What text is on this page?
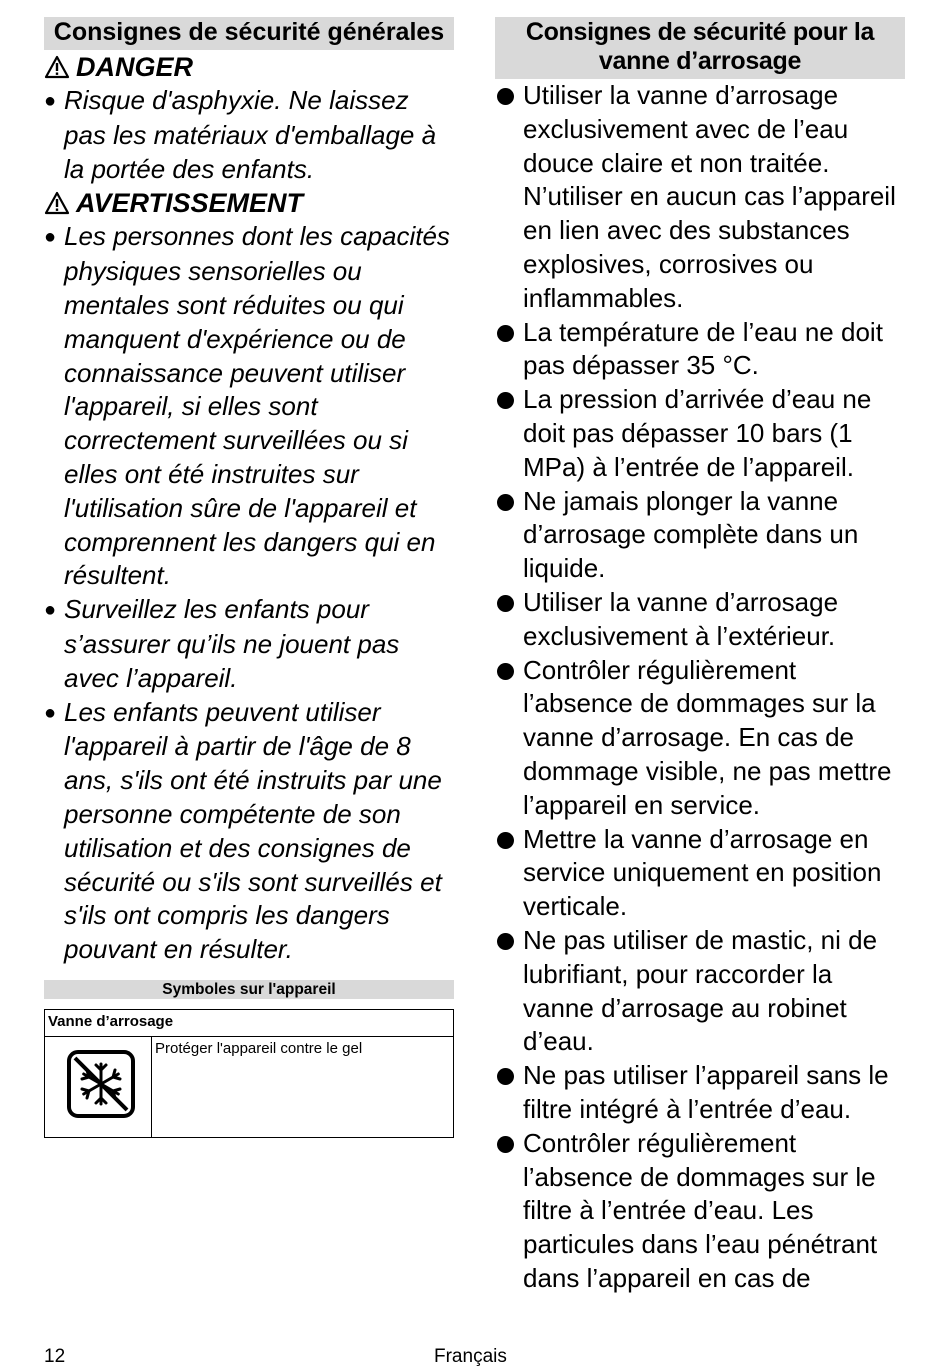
Consignes de sécurité générales
DANGER
● Risque d'asphyxie. Ne laissez pas les matériaux d'emballage à la portée des enfants.
AVERTISSEMENT
● Les personnes dont les capacités physiques sensorielles ou mentales sont réduites ou qui manquent d'expérience ou de connaissance peuvent utiliser l'appareil, si elles sont correctement surveillées ou si elles ont été instruites sur l'utilisation sûre de l'appareil et comprennent les dangers qui en résultent.
● Surveillez les enfants pour s’assurer qu’ils ne jouent pas avec l’appareil.
● Les enfants peuvent utiliser l'appareil à partir de l'âge de 8 ans, s'ils ont été instruits par une personne compétente de son utilisation et des consignes de sécurité ou s'ils sont surveillés et s'ils ont compris les dangers pouvant en résulter.
Symboles sur l'appareil
Vanne d’arrosage
	Protéger l'appareil contre le gel
Consignes de sécurité pour la vanne d’arrosage
Utiliser la vanne d’arrosage exclusivement avec de l’eau douce claire et non traitée. N’utiliser en aucun cas l’appareil en lien avec des substances explosives, corrosives ou inflammables.
La température de l’eau ne doit pas dépasser 35 °C.
La pression d’arrivée d’eau ne doit pas dépasser 10 bars (1 MPa) à l’entrée de l’appareil.
Ne jamais plonger la vanne d’arrosage complète dans un liquide.
Utiliser la vanne d’arrosage exclusivement à l’extérieur.
Contrôler régulièrement l’absence de dommages sur la vanne d’arrosage. En cas de dommage visible, ne pas mettre l’appareil en service.
Mettre la vanne d’arrosage en service uniquement en position verticale.
Ne pas utiliser de mastic, ni de lubrifiant, pour raccorder la vanne d’arrosage au robinet d’eau.
Ne pas utiliser l’appareil sans le filtre intégré à l’entrée d’eau.
Contrôler régulièrement l’absence de dommages sur le filtre à l’entrée d’eau. Les particules dans l’eau pénétrant dans l’appareil en cas de
12	Français
